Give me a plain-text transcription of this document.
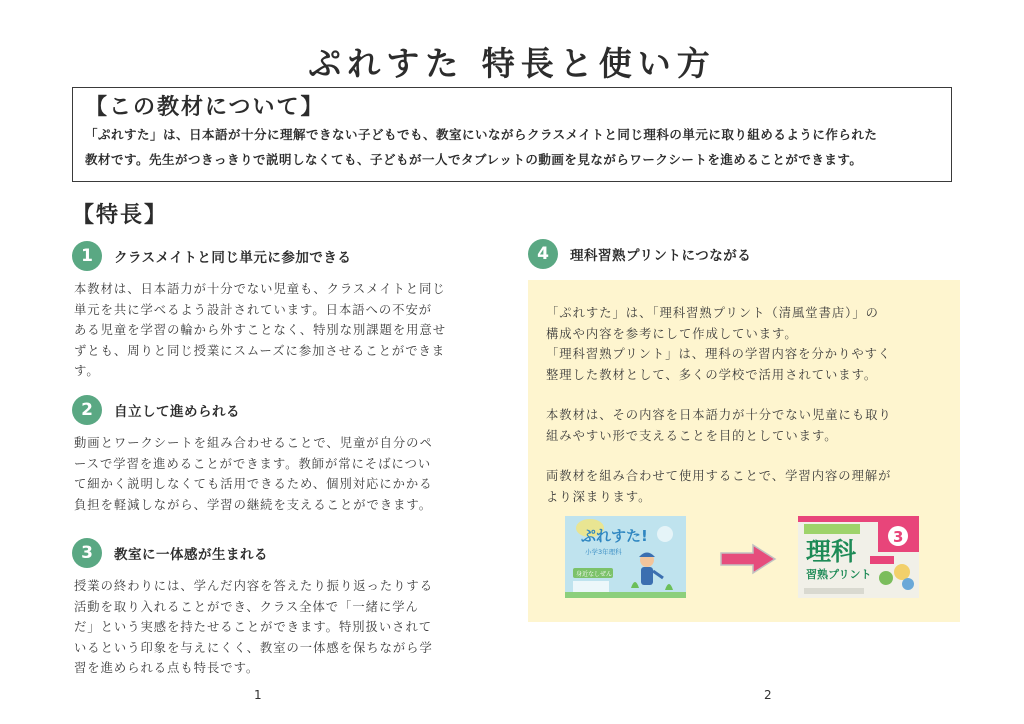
ぷれすた 特長と使い方
【この教材について】
「ぷれすた」は、日本語が十分に理解できない子どもでも、教室にいながらクラスメイトと同じ理科の単元に取り組めるように作られた
教材です。先生がつきっきりで説明しなくても、子どもが一人でタブレットの動画を見ながらワークシートを進めることができます。
【特長】
1	クラスメイトと同じ単元に参加できる
本教材は、日本語力が十分でない児童も、クラスメイトと同じ
単元を共に学べるよう設計されています。日本語への不安が
ある児童を学習の輪から外すことなく、特別な別課題を用意せ
ずとも、周りと同じ授業にスムーズに参加させることができま
す。
2	自立して進められる
動画とワークシートを組み合わせることで、児童が自分のペ
ースで学習を進めることができます。教師が常にそばについ
て細かく説明しなくても活用できるため、個別対応にかかる
負担を軽減しながら、学習の継続を支えることができます。
3	教室に一体感が生まれる
授業の終わりには、学んだ内容を答えたり振り返ったりする
活動を取り入れることができ、クラス全体で「一緒に学ん
だ」という実感を持たせることができます。特別扱いされて
いるという印象を与えにくく、教室の一体感を保ちながら学
習を進められる点も特長です。
4	理科習熟プリントにつながる
「ぷれすた」は、「理科習熟プリント（清風堂書店）」の
構成や内容を参考にして作成しています。
「理科習熟プリント」は、理科の学習内容を分かりやすく
整理した教材として、多くの学校で活用されています。
本教材は、その内容を日本語力が十分でない児童にも取り
組みやすい形で支えることを目的としています。
両教材を組み合わせて使用することで、学習内容の理解が
より深まります。
ぷれすた!
小学3年理科
身近なしぜん
3
理科
習熟プリント
1	2
